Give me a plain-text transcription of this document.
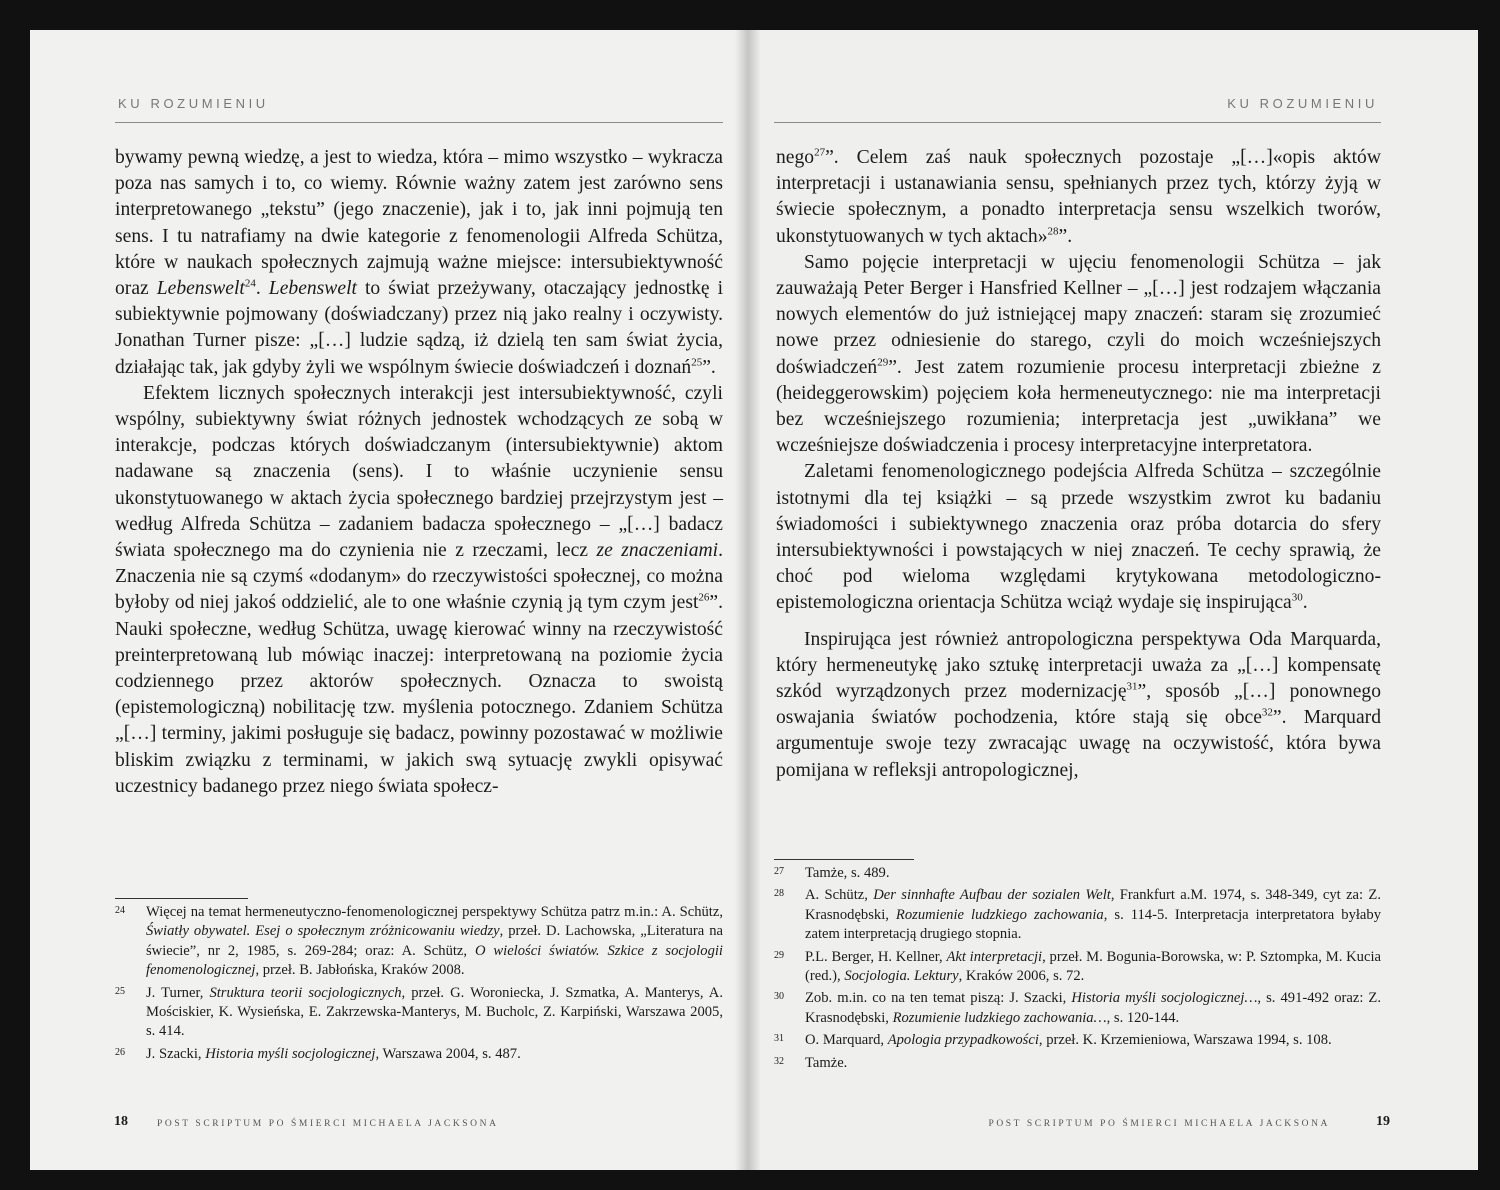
KU ROZUMIENIU

bywamy pewną wiedzę, a jest to wiedza, która – mimo wszystko – wykracza poza nas samych i to, co wiemy. Równie ważny zatem jest zarówno sens interpretowanego „tekstu” (jego znaczenie), jak i to, jak inni pojmują ten sens. I tu natrafiamy na dwie kategorie z fenomenologii Alfreda Schütza, które w naukach społecznych zajmują ważne miejsce: intersubiektywność oraz Lebenswelt$^{24}$. Lebenswelt to świat przeżywany, otaczający jednostkę i subiektywnie pojmowany (doświadczany) przez nią jako realny i oczywisty. Jonathan Turner pisze: „[…] ludzie sądzą, iż dzielą ten sam świat życia, działając tak, jak gdyby żyli we wspólnym świecie doświadczeń i doznań$^{25}$”.

Efektem licznych społecznych interakcji jest intersubiektywność, czyli wspólny, subiektywny świat różnych jednostek wchodzących ze sobą w interakcje, podczas których doświadczanym (intersubiektywnie) aktom nadawane są znaczenia (sens). I to właśnie uczynienie sensu ukonstytuowanego w aktach życia społecznego bardziej przejrzystym jest – według Alfreda Schütza – zadaniem badacza społecznego – „[…] badacz świata społecznego ma do czynienia nie z rzeczami, lecz ze znaczeniami. Znaczenia nie są czymś «dodanym» do rzeczywistości społecznej, co można byłoby od niej jakoś oddzielić, ale to one właśnie czynią ją tym czym jest$^{26}$”. Nauki społeczne, według Schütza, uwagę kierować winny na rzeczywistość preinterpretowaną lub mówiąc inaczej: interpretowaną na poziomie życia codziennego przez aktorów społecznych. Oznacza to swoistą (epistemologiczną) nobilitację tzw. myślenia potocznego. Zdaniem Schütza „[…] terminy, jakimi posługuje się badacz, powinny pozostawać w możliwie bliskim związku z terminami, w jakich swą sytuację zwykli opisywać uczestnicy badanego przez niego świata społecz-

24 Więcej na temat hermeneutyczno-fenomenologicznej perspektywy Schütza patrz m.in.: A. Schütz, Światły obywatel. Esej o społecznym zróżnicowaniu wiedzy, przeł. D. Lachowska, „Literatura na świecie”, nr 2, 1985, s. 269-284; oraz: A. Schütz, O wielości światów. Szkice z socjologii fenomenologicznej, przeł. B. Jabłońska, Kraków 2008.
25 J. Turner, Struktura teorii socjologicznych, przeł. G. Woroniecka, J. Szmatka, A. Manterys, A. Mościskier, K. Wysieńska, E. Zakrzewska-Manterys, M. Bucholc, Z. Karpiński, Warszawa 2005, s. 414.
26 J. Szacki, Historia myśli socjologicznej, Warszawa 2004, s. 487.
18	POST SCRIPTUM PO ŚMIERCI MICHAELA JACKSONA
KU ROZUMIENIU

nego$^{27}$”. Celem zaś nauk społecznych pozostaje „[…]«opis aktów interpretacji i ustanawiania sensu, spełnianych przez tych, którzy żyją w świecie społecznym, a ponadto interpretacja sensu wszelkich tworów, ukonstytuowanych w tych aktach»$^{28}$”.

Samo pojęcie interpretacji w ujęciu fenomenologii Schütza – jak zauważają Peter Berger i Hansfried Kellner – „[…] jest rodzajem włączania nowych elementów do już istniejącej mapy znaczeń: staram się zrozumieć nowe przez odniesienie do starego, czyli do moich wcześniejszych doświadczeń$^{29}$”. Jest zatem rozumienie procesu interpretacji zbieżne z (heideggerowskim) pojęciem koła hermeneutycznego: nie ma interpretacji bez wcześniejszego rozumienia; interpretacja jest „uwikłana” we wcześniejsze doświadczenia i procesy interpretacyjne interpretatora.

Zaletami fenomenologicznego podejścia Alfreda Schütza – szczególnie istotnymi dla tej książki – są przede wszystkim zwrot ku badaniu świadomości i subiektywnego znaczenia oraz próba dotarcia do sfery intersubiektywności i powstających w niej znaczeń. Te cechy sprawią, że choć pod wieloma względami krytykowana metodologiczno-epistemologiczna orientacja Schütza wciąż wydaje się inspirująca$^{30}$.

Inspirująca jest również antropologiczna perspektywa Oda Marquarda, który hermeneutykę jako sztukę interpretacji uważa za „[…] kompensatę szkód wyrządzonych przez modernizację$^{31}$”, sposób „[…] ponownego oswajania światów pochodzenia, które stają się obce$^{32}$”. Marquard argumentuje swoje tezy zwracając uwagę na oczywistość, która bywa pomijana w refleksji antropologicznej,

27 Tamże, s. 489.
28 A. Schütz, Der sinnhafte Aufbau der sozialen Welt, Frankfurt a.M. 1974, s. 348-349, cyt za: Z. Krasnodębski, Rozumienie ludzkiego zachowania, s. 114-5. Interpretacja interpretatora byłaby zatem interpretacją drugiego stopnia.
29 P.L. Berger, H. Kellner, Akt interpretacji, przeł. M. Bogunia-Borowska, w: P. Sztompka, M. Kucia (red.), Socjologia. Lektury, Kraków 2006, s. 72.
30 Zob. m.in. co na ten temat piszą: J. Szacki, Historia myśli socjologicznej…, s. 491-492 oraz: Z. Krasnodębski, Rozumienie ludzkiego zachowania…, s. 120-144.
31 O. Marquard, Apologia przypadkowości, przeł. K. Krzemieniowa, Warszawa 1994, s. 108.
32 Tamże.
POST SCRIPTUM PO ŚMIERCI MICHAELA JACKSONA	19
